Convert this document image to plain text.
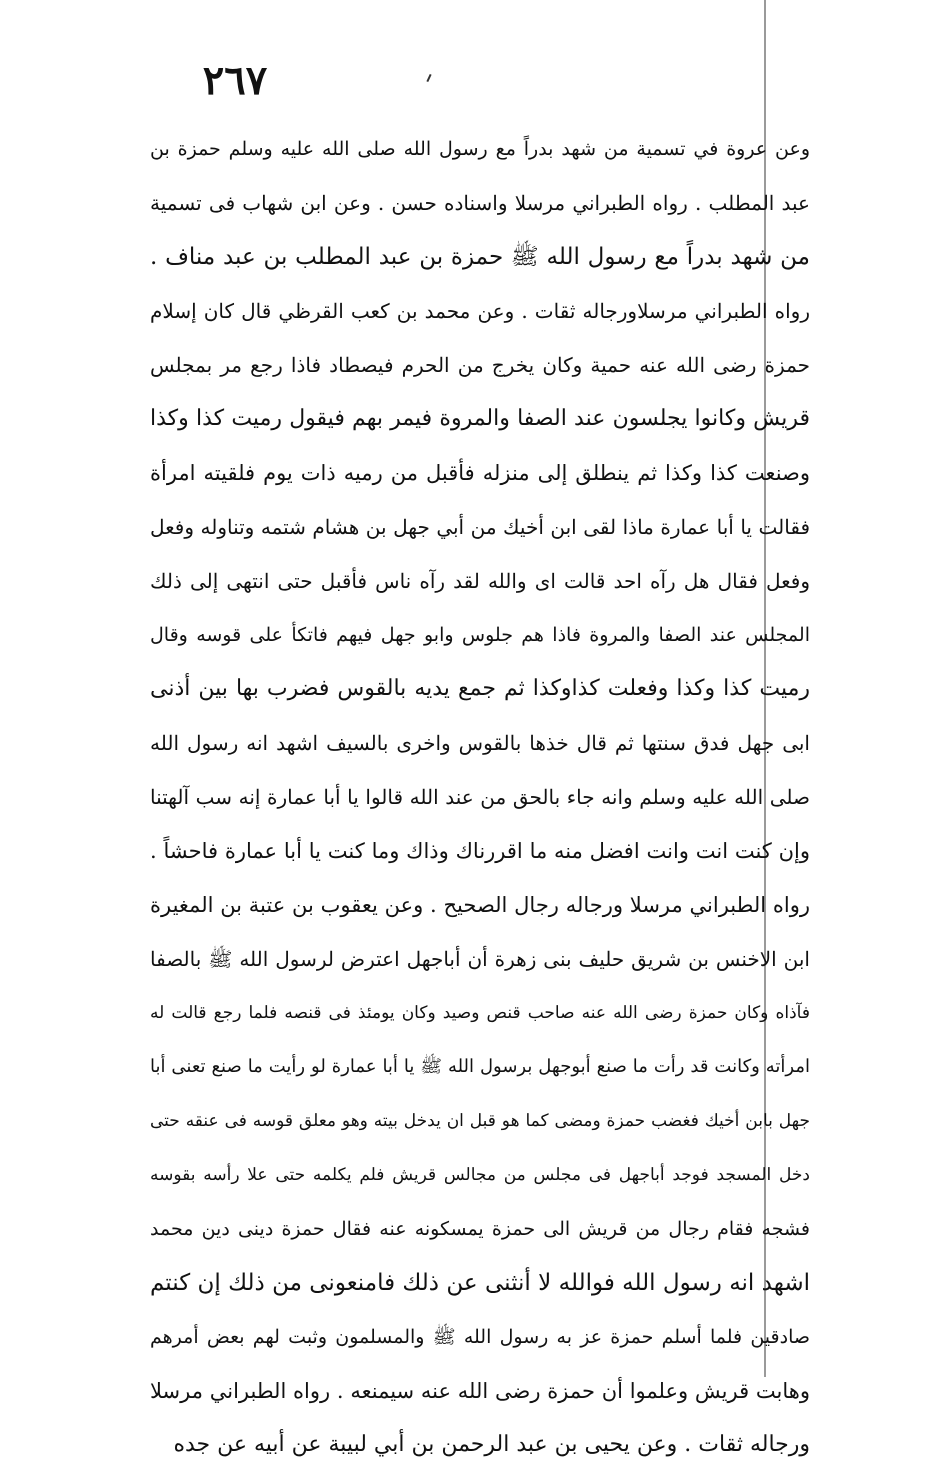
٢٦٧
وعن عروة في تسمية من شهد بدراً مع رسول الله صلى الله عليه وسلم حمزة بن
عبد المطلب . رواه الطبراني مرسلا واسناده حسن . وعن ابن شهاب فى تسمية
من شهد بدراً مع رسول الله ﷺ حمزة بن عبد المطلب بن عبد مناف .
رواه الطبراني مرسلاورجاله ثقات . وعن محمد بن كعب القرظي قال كان إسلام
حمزة رضى الله عنه حمية وكان يخرج من الحرم فيصطاد فاذا رجع مر بمجلس
قريش وكانوا يجلسون عند الصفا والمروة فيمر بهم فيقول رميت كذا وكذا
وصنعت كذا وكذا ثم ينطلق إلى منزله فأقبل من رميه ذات يوم فلقيته امرأة
فقالت يا أبا عمارة ماذا لقى ابن أخيك من أبي جهل بن هشام شتمه وتناوله وفعل
وفعل فقال هل رآه احد قالت اى والله لقد رآه ناس فأقبل حتى انتهى إلى ذلك
المجلس عند الصفا والمروة فاذا هم جلوس وابو جهل فيهم فاتكأ على قوسه وقال
رميت كذا وكذا وفعلت كذاوكذا ثم جمع يديه بالقوس فضرب بها بين أذنى
ابى جهل فدق سنتها ثم قال خذها بالقوس واخرى بالسيف اشهد انه رسول الله
صلى الله عليه وسلم وانه جاء بالحق من عند الله قالوا يا أبا عمارة إنه سب آلهتنا
وإن كنت انت وانت افضل منه ما اقررناك وذاك وما كنت يا أبا عمارة فاحشاً .
رواه الطبراني مرسلا ورجاله رجال الصحيح . وعن يعقوب بن عتبة بن المغيرة
ابن الاخنس بن شريق حليف بنى زهرة أن أباجهل اعترض لرسول الله ﷺ بالصفا
فآذاه وكان حمزة رضى الله عنه صاحب قنص وصيد وكان يومئذ فى قنصه فلما رجع قالت له
امرأته وكانت قد رأت ما صنع أبوجهل برسول الله ﷺ يا أبا عمارة لو رأيت ما صنع تعنى أبا
جهل بابن أخيك فغضب حمزة ومضى كما هو قبل ان يدخل بيته وهو معلق قوسه فى عنقه حتى
دخل المسجد فوجد أباجهل فى مجلس من مجالس قريش فلم يكلمه حتى علا رأسه بقوسه
فشجه فقام رجال من قريش الى حمزة يمسكونه عنه فقال حمزة دينى دين محمد
اشهد انه رسول الله فوالله لا أنثنى عن ذلك فامنعونى من ذلك إن كنتم
صادقين فلما أسلم حمزة عز به رسول الله ﷺ والمسلمون وثبت لهم بعض أمرهم
وهابت قريش وعلموا أن حمزة رضى الله عنه سيمنعه . رواه الطبراني مرسلا
ورجاله ثقات . وعن يحيى بن عبد الرحمن بن أبي لبيبة عن أبيه عن جده
